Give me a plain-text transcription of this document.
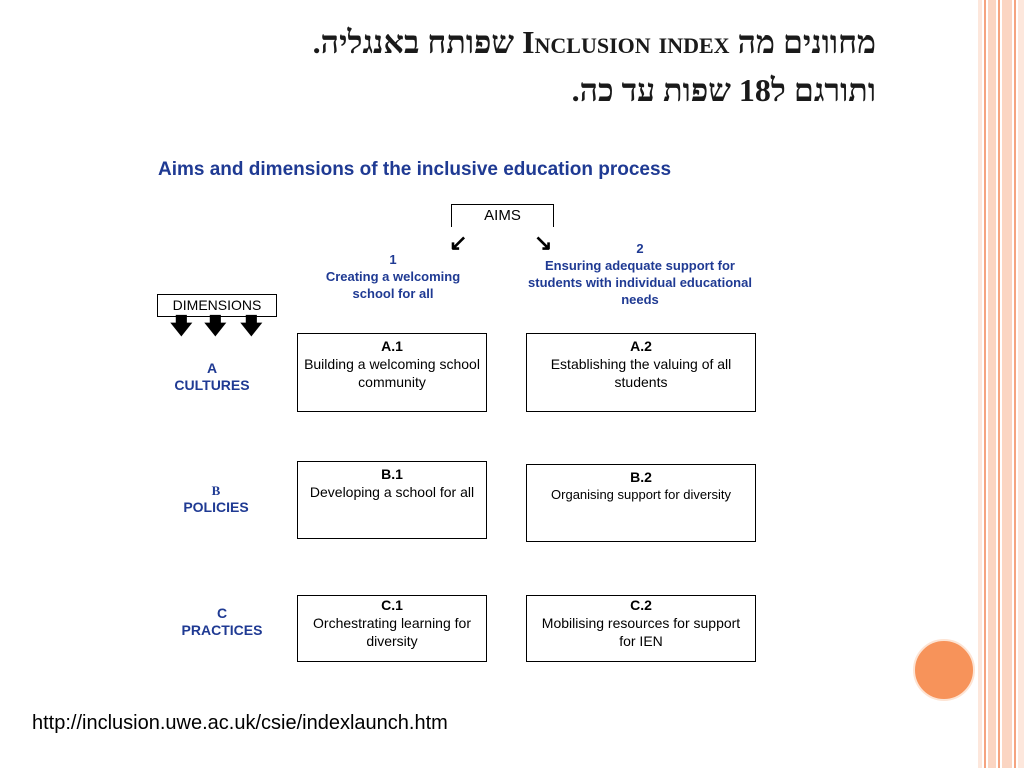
מחוונים מה Inclusion index שפותח באנגליה.
ותורגם ל18 שפות עד כה.
Aims and dimensions of the inclusive education process
AIMS
↙	↘
1
Creating a welcoming school for all
2
Ensuring adequate support for students with individual educational needs
DIMENSIONS
🡇 🡇 🡇
A
CULTURES
B
POLICIES
C
PRACTICES
A.1
Building a welcoming school community
A.2
Establishing the valuing of all students
B.1
Developing a school for all
B.2
Organising support for diversity
C.1
Orchestrating learning for diversity
C.2
Mobilising resources for support for IEN
http://inclusion.uwe.ac.uk/csie/indexlaunch.htm
